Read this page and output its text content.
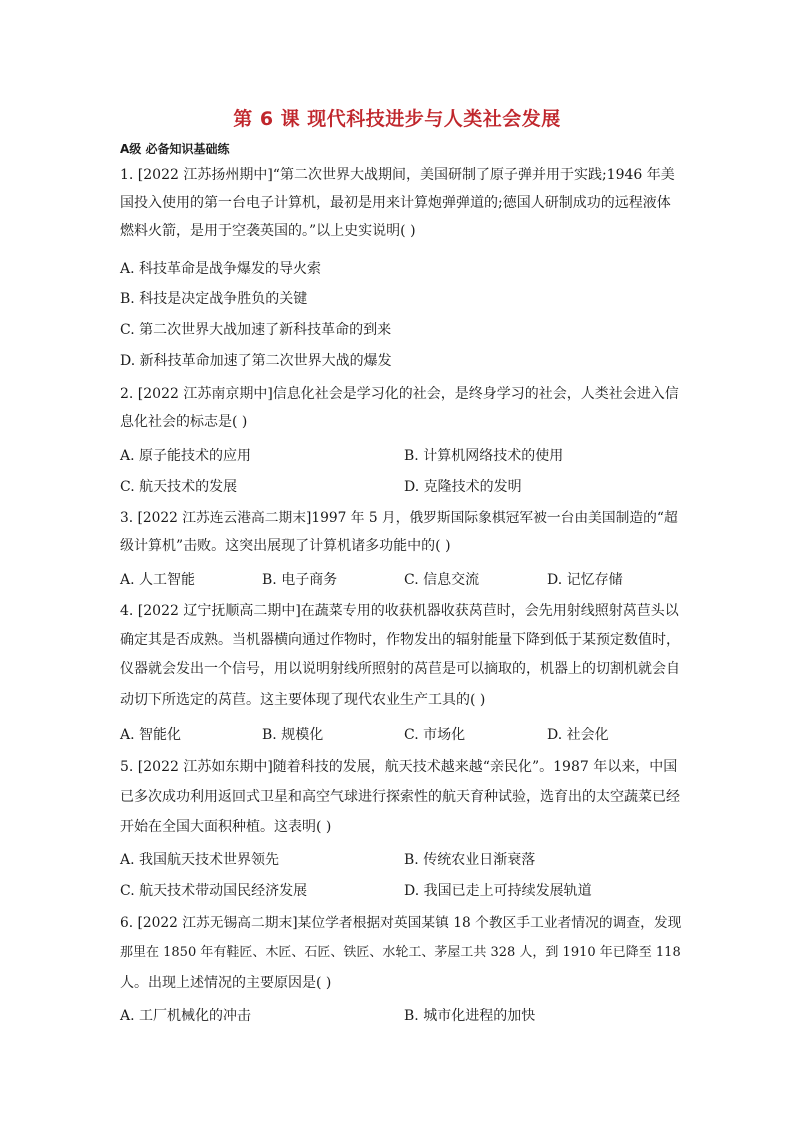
第 6 课 现代科技进步与人类社会发展
A级 必备知识基础练
1. [2022 江苏扬州期中]“第二次世界大战期间，美国研制了原子弹并用于实践;1946 年美
国投入使用的第一台电子计算机，最初是用来计算炮弹弹道的;德国人研制成功的远程液体
燃料火箭，是用于空袭英国的。”以上史实说明( )
A. 科技革命是战争爆发的导火索
B. 科技是决定战争胜负的关键
C. 第二次世界大战加速了新科技革命的到来
D. 新科技革命加速了第二次世界大战的爆发
2. [2022 江苏南京期中]信息化社会是学习化的社会，是终身学习的社会，人类社会进入信
息化社会的标志是( )
A. 原子能技术的应用	B. 计算机网络技术的使用
C. 航天技术的发展	D. 克隆技术的发明
3. [2022 江苏连云港高二期末]1997 年 5 月，俄罗斯国际象棋冠军被一台由美国制造的“超
级计算机”击败。这突出展现了计算机诸多功能中的( )
A. 人工智能	B. 电子商务	C. 信息交流	D. 记忆存储
4. [2022 辽宁抚顺高二期中]在蔬菜专用的收获机器收获莴苣时，会先用射线照射莴苣头以
确定其是否成熟。当机器横向通过作物时，作物发出的辐射能量下降到低于某预定数值时，
仪器就会发出一个信号，用以说明射线所照射的莴苣是可以摘取的，机器上的切割机就会自
动切下所选定的莴苣。这主要体现了现代农业生产工具的( )
A. 智能化	B. 规模化	C. 市场化	D. 社会化
5. [2022 江苏如东期中]随着科技的发展，航天技术越来越“亲民化”。1987 年以来，中国
已多次成功利用返回式卫星和高空气球进行探索性的航天育种试验，选育出的太空蔬菜已经
开始在全国大面积种植。这表明( )
A. 我国航天技术世界领先	B. 传统农业日渐衰落
C. 航天技术带动国民经济发展	D. 我国已走上可持续发展轨道
6. [2022 江苏无锡高二期末]某位学者根据对英国某镇 18 个教区手工业者情况的调查，发现
那里在 1850 年有鞋匠、木匠、石匠、铁匠、水轮工、茅屋工共 328 人，到 1910 年已降至 118
人。出现上述情况的主要原因是( )
A. 工厂机械化的冲击	B. 城市化进程的加快
